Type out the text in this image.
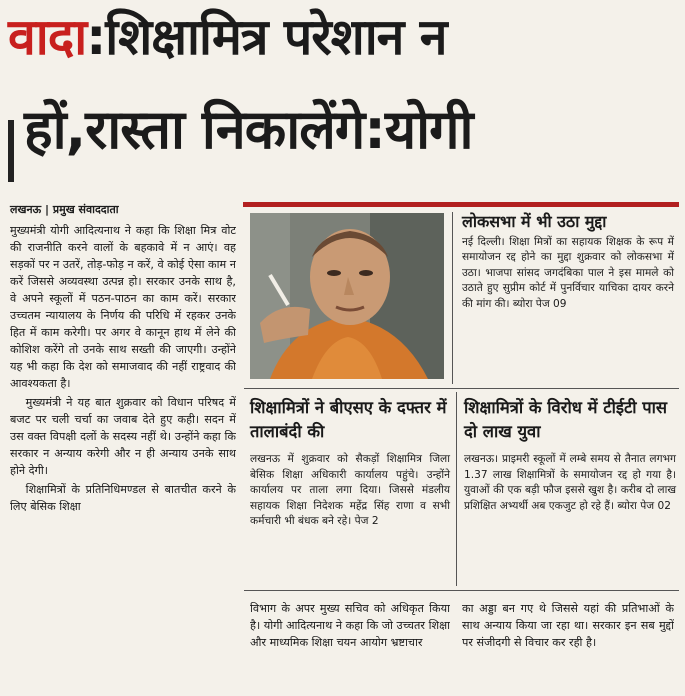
वादा:शिक्षामित्र परेशान न
हों,रास्ता निकालेंगे:योगी
लखनऊ | प्रमुख संवाददाता

मुख्यमंत्री योगी आदित्यनाथ ने कहा कि शिक्षा मित्र वोट की राजनीति करने वालों के बहकावे में न आएं। वह सड़कों पर न उतरें, तोड़-फोड़ न करें, वे कोई ऐसा काम न करें जिससे अव्यवस्था उत्पन्न हो। सरकार उनके साथ है, वे अपने स्कूलों में पठन-पाठन का काम करें। सरकार उच्चतम न्यायालय के निर्णय की परिधि में रहकर उनके हित में काम करेगी। पर अगर वे कानून हाथ में लेने की कोशिश करेंगे तो उनके साथ सख्ती की जाएगी। उन्होंने यह भी कहा कि देश को समाजवाद की नहीं राष्ट्रवाद की आवश्यकता है।

मुख्यमंत्री ने यह बात शुक्रवार को विधान परिषद में बजट पर चली चर्चा का जवाब देते हुए कही। सदन में उस वक्त विपक्षी दलों के सदस्य नहीं थे। उन्होंने कहा कि सरकार न अन्याय करेगी और न ही अन्याय उनके साथ होने देगी।

शिक्षामित्रों के प्रतिनिधिमण्डल से बातचीत करने के लिए बेसिक शिक्षा

लोकसभा में भी उठा मुद्दा
नई दिल्ली। शिक्षा मित्रों का सहायक शिक्षक के रूप में समायोजन रद्द होने का मुद्दा शुक्रवार को लोकसभा में उठा। भाजपा सांसद जगदंबिका पाल ने इस मामले को उठाते हुए सुप्रीम कोर्ट में पुनर्विचार याचिका दायर करने की मांग की। ब्योरा पेज 09
शिक्षामित्रों ने बीएसए के दफ्तर में तालाबंदी की
लखनऊ में शुक्रवार को सैकड़ों शिक्षामित्र जिला बेसिक शिक्षा अधिकारी कार्यालय पहुंचे। उन्होंने कार्यालय पर ताला लगा दिया। जिससे मंडलीय सहायक शिक्षा निदेशक महेंद्र सिंह राणा व सभी कर्मचारी भी बंधक बने रहे। पेज 2
शिक्षामित्रों के विरोध में टीईटी पास दो लाख युवा
लखनऊ। प्राइमरी स्कूलों में लम्बे समय से तैनात लगभग 1.37 लाख शिक्षामित्रों के समायोजन रद्द हो गया है। युवाओं की एक बड़ी फौज इससे खुश है। करीब दो लाख प्रशिक्षित अभ्यर्थी अब एकजुट हो रहे हैं। ब्योरा पेज 02
विभाग के अपर मुख्य सचिव को अधिकृत किया है। योगी आदित्यनाथ ने कहा कि जो उच्चतर शिक्षा और माध्यमिक शिक्षा चयन आयोग भ्रष्टाचार
का अड्डा बन गए थे जिससे यहां की प्रतिभाओं के साथ अन्याय किया जा रहा था। सरकार इन सब मुद्दों पर संजीदगी से विचार कर रही है।
